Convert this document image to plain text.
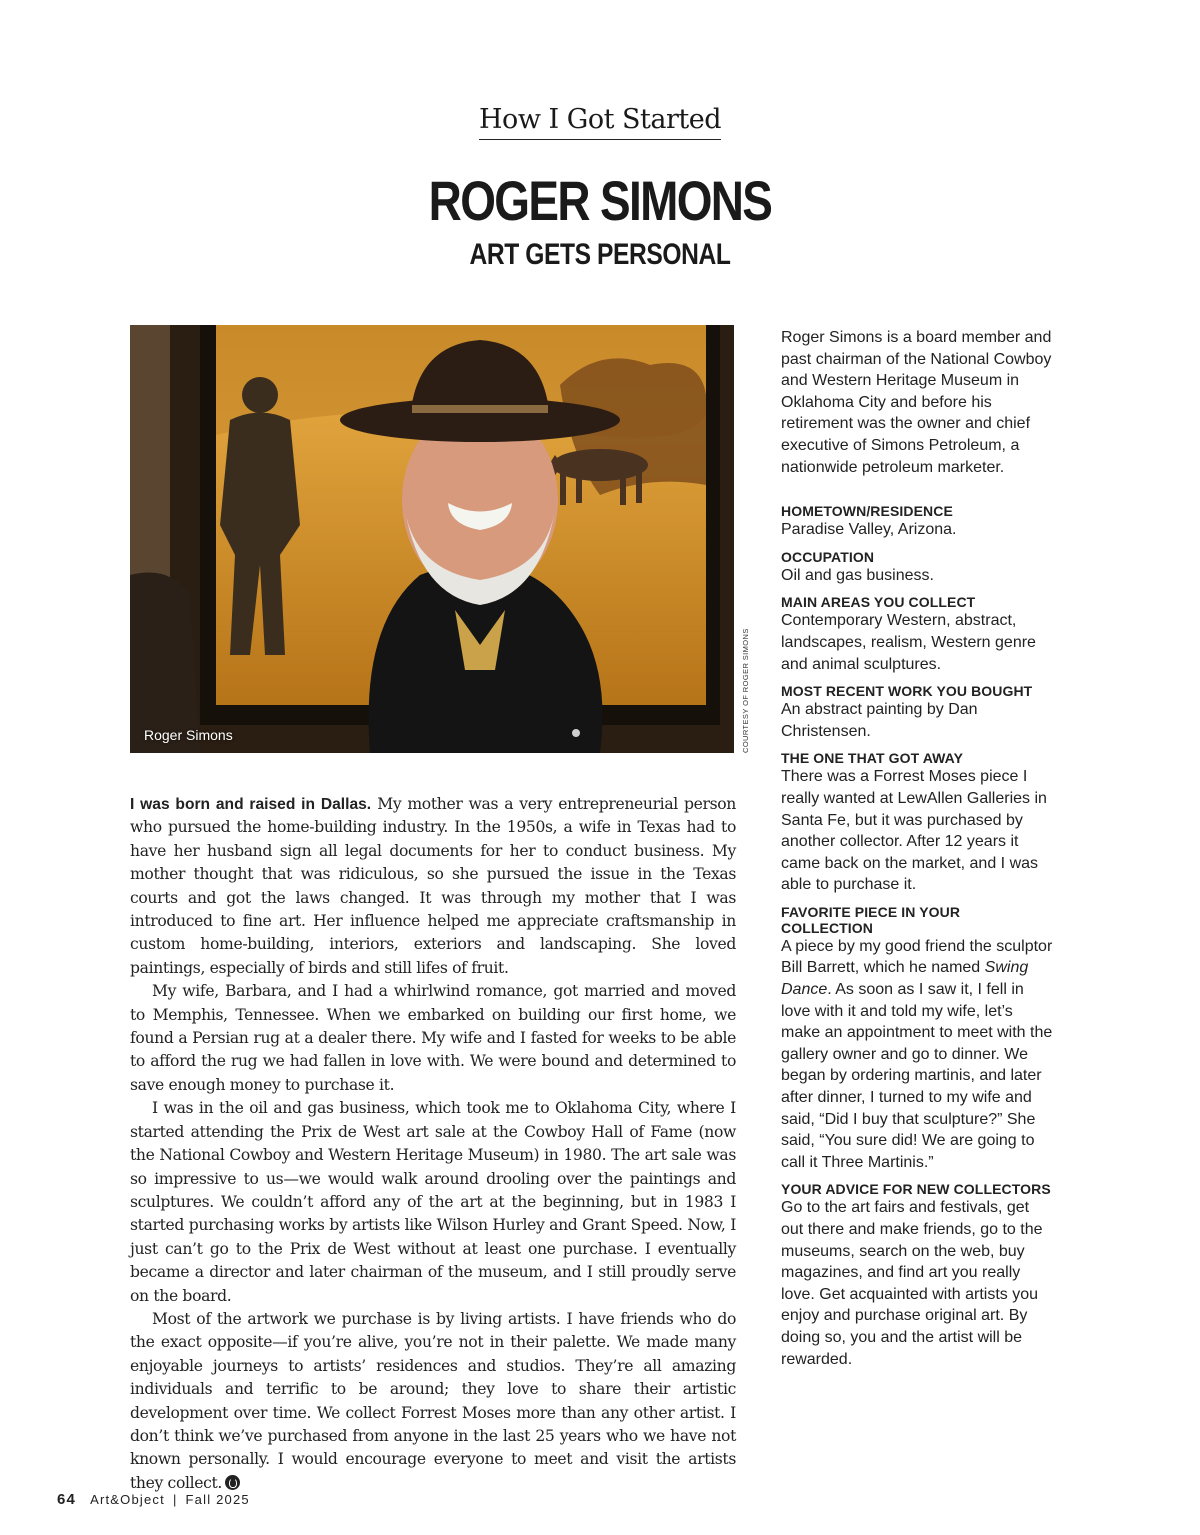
How I Got Started
ROGER SIMONS
ART GETS PERSONAL
Roger Simons	COURTESY OF ROGER SIMONS

I was born and raised in Dallas. My mother was a very entrepreneurial person who pursued the home-building industry. In the 1950s, a wife in Texas had to have her husband sign all legal documents for her to conduct business. My mother thought that was ridiculous, so she pursued the issue in the Texas courts and got the laws changed. It was through my mother that I was introduced to fine art. Her influence helped me appreciate craftsmanship in custom home-building, interiors, exteriors and landscaping. She loved paintings, especially of birds and still lifes of fruit.

My wife, Barbara, and I had a whirlwind romance, got married and moved to Memphis, Tennessee. When we embarked on building our first home, we found a Persian rug at a dealer there. My wife and I fasted for weeks to be able to afford the rug we had fallen in love with. We were bound and determined to save enough money to purchase it.

I was in the oil and gas business, which took me to Oklahoma City, where I started attending the Prix de West art sale at the Cowboy Hall of Fame (now the National Cowboy and Western Heritage Museum) in 1980. The art sale was so impressive to us—we would walk around drooling over the paintings and sculptures. We couldn’t afford any of the art at the beginning, but in 1983 I started purchasing works by artists like Wilson Hurley and Grant Speed. Now, I just can’t go to the Prix de West without at least one purchase. I eventually became a director and later chairman of the museum, and I still proudly serve on the board.

Most of the artwork we purchase is by living artists. I have friends who do the exact opposite—if you’re alive, you’re not in their palette. We made many enjoyable journeys to artists’ residences and studios. They’re all amazing individuals and terrific to be around; they love to share their artistic development over time. We collect Forrest Moses more than any other artist. I don’t think we’ve purchased from anyone in the last 25 years who we have not known personally. I would encourage everyone to meet and visit the artists they collect.

Roger Simons is a board member and past chairman of the National Cowboy and Western Heritage Museum in Oklahoma City and before his retirement was the owner and chief executive of Simons Petroleum, a nationwide petroleum marketer.
HOMETOWN/RESIDENCE
Paradise Valley, Arizona.
OCCUPATION
Oil and gas business.
MAIN AREAS YOU COLLECT
Contemporary Western, abstract, landscapes, realism, Western genre and animal sculptures.
MOST RECENT WORK YOU BOUGHT
An abstract painting by Dan Christensen.
THE ONE THAT GOT AWAY
There was a Forrest Moses piece I really wanted at LewAllen Galleries in Santa Fe, but it was purchased by another collector. After 12 years it came back on the market, and I was able to purchase it.
FAVORITE PIECE IN YOUR COLLECTION
A piece by my good friend the sculptor Bill Barrett, which he named Swing Dance. As soon as I saw it, I fell in love with it and told my wife, let’s make an appointment to meet with the gallery owner and go to dinner. We began by ordering martinis, and later after dinner, I turned to my wife and said, “Did I buy that sculpture?” She said, “You sure did! We are going to call it Three Martinis.”
YOUR ADVICE FOR NEW COLLECTORS
Go to the art fairs and festivals, get out there and make friends, go to the museums, search on the web, buy magazines, and find art you really love. Get acquainted with artists you enjoy and purchase original art. By doing so, you and the artist will be rewarded.
64 Art&Object | Fall 2025
